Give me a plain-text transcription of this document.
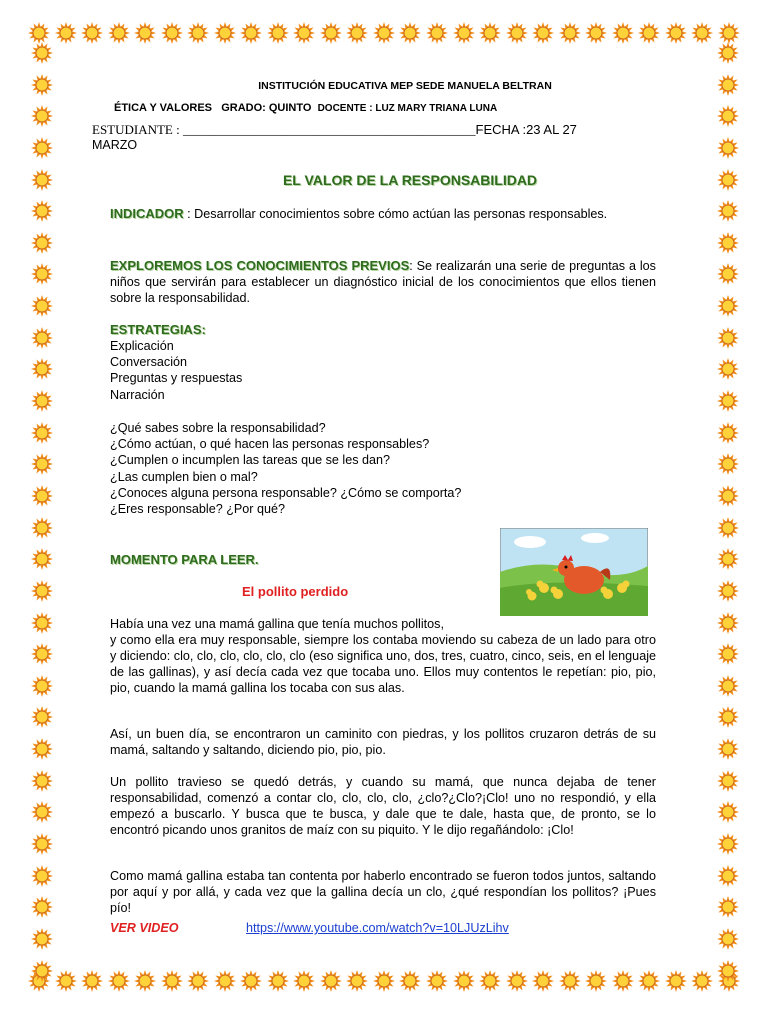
INSTITUCIÓN EDUCATIVA MEP SEDE MANUELA BELTRAN
ÉTICA Y VALORES GRADO: QUINTO DOCENTE : LUZ MARY TRIANA LUNA
ESTUDIANTE : _____________________________________________FECHA :23 AL 27
MARZO
EL VALOR DE LA RESPONSABILIDAD
INDICADOR : Desarrollar conocimientos sobre cómo actúan las personas responsables.
EXPLOREMOS LOS CONOCIMIENTOS PREVIOS: Se realizarán una serie de preguntas a los niños que servirán para establecer un diagnóstico inicial de los conocimientos que ellos tienen sobre la responsabilidad.
ESTRATEGIAS:
Explicación
Conversación
Preguntas y respuestas
Narración
¿Qué sabes sobre la responsabilidad?
¿Cómo actúan, o qué hacen las personas responsables?
¿Cumplen o incumplen las tareas que se les dan?
¿Las cumplen bien o mal?
¿Conoces alguna persona responsable? ¿Cómo se comporta?
¿Eres responsable? ¿Por qué?
MOMENTO PARA LEER.
El pollito perdido
Había una vez una mamá gallina que tenía muchos pollitos,
y como ella era muy responsable, siempre los contaba moviendo su cabeza de un lado para otro y diciendo: clo, clo, clo, clo, clo, clo (eso significa uno, dos, tres, cuatro, cinco, seis, en el lenguaje de las gallinas), y así decía cada vez que tocaba uno. Ellos muy contentos le repetían: pio, pio, pio, cuando la mamá gallina los tocaba con sus alas.
Así, un buen día, se encontraron un caminito con piedras, y los pollitos cruzaron detrás de su mamá, saltando y saltando, diciendo pio, pio, pio.
Un pollito travieso se quedó detrás, y cuando su mamá, que nunca dejaba de tener responsabilidad, comenzó a contar clo, clo, clo, clo, ¿clo?¿Clo?¡Clo! uno no respondió, y ella empezó a buscarlo. Y busca que te busca, y dale que te dale, hasta que, de pronto, se lo encontró picando unos granitos de maíz con su piquito. Y le dijo regañándolo: ¡Clo!
Como mamá gallina estaba tan contenta por haberlo encontrado se fueron todos juntos, saltando por aquí y por allá, y cada vez que la gallina decía un clo, ¿qué respondían los pollitos? ¡Pues pío!
VER VIDEO	https://www.youtube.com/watch?v=10LJUzLihv
